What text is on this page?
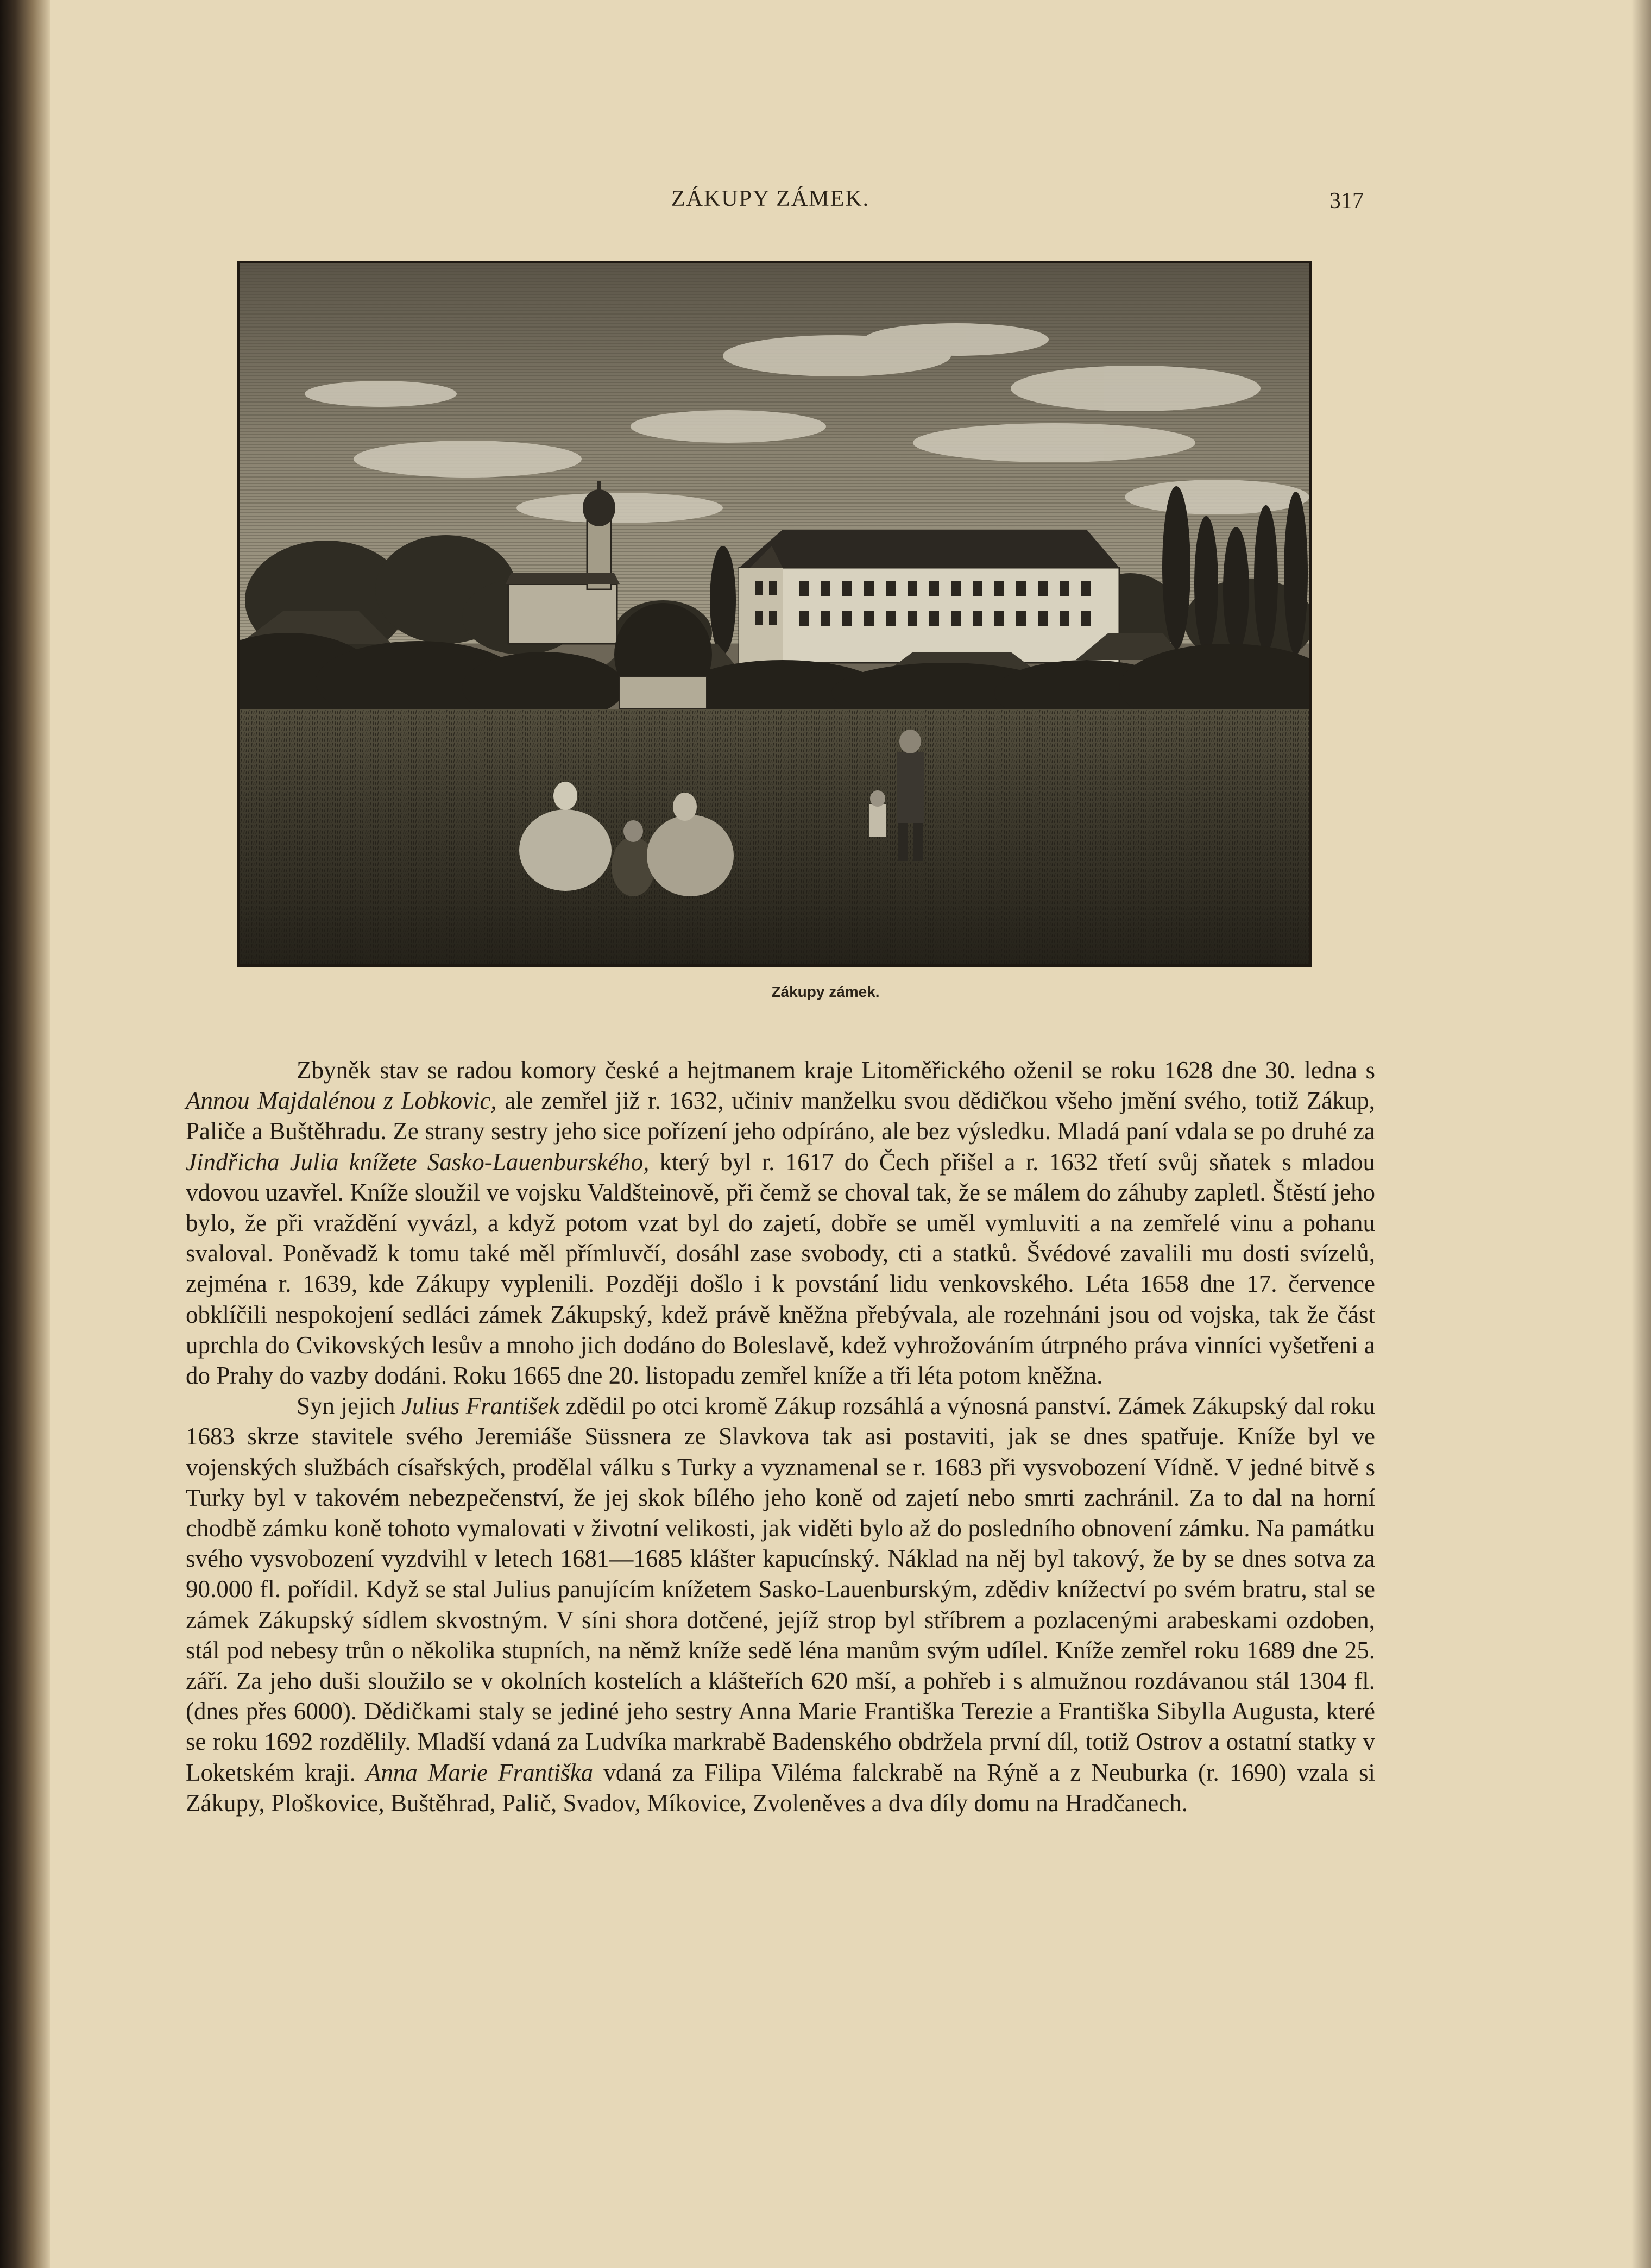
ZÁKUPY ZÁMEK.	317
Zákupy zámek.

Zbyněk stav se radou komory české a hejtmanem kraje Litoměřického oženil se roku 1628 dne 30. ledna s Annou Majdalénou z Lobkovic, ale zemřel již r. 1632, učiniv manželku svou dědičkou všeho jmění svého, totiž Zákup, Paliče a Buštěhradu. Ze strany sestry jeho sice pořízení jeho odpíráno, ale bez výsledku. Mladá paní vdala se po druhé za Jindřicha Julia knížete Sasko-Lauenburského, který byl r. 1617 do Čech přišel a r. 1632 třetí svůj sňatek s mladou vdovou uzavřel. Kníže sloužil ve vojsku Valdšteinově, při čemž se choval tak, že se málem do záhuby zapletl. Štěstí jeho bylo, že při vraždění vyvázl, a když potom vzat byl do zajetí, dobře se uměl vymluviti a na zemřelé vinu a pohanu svaloval. Poněvadž k tomu také měl přímluvčí, dosáhl zase svobody, cti a statků. Švédové zavalili mu dosti svízelů, zejména r. 1639, kde Zákupy vyplenili. Později došlo i k povstání lidu venkovského. Léta 1658 dne 17. července obklíčili nespokojení sedláci zámek Zákupský, kdež právě kněžna přebývala, ale rozehnáni jsou od vojska, tak že část uprchla do Cvikovských lesův a mnoho jich dodáno do Boleslavě, kdež vyhrožováním útrpného práva vinníci vyšetřeni a do Prahy do vazby dodáni. Roku 1665 dne 20. listopadu zemřel kníže a tři léta potom kněžna.

Syn jejich Julius František zdědil po otci kromě Zákup rozsáhlá a výnosná panství. Zámek Zákupský dal roku 1683 skrze stavitele svého Jeremiáše Süssnera ze Slavkova tak asi postaviti, jak se dnes spatřuje. Kníže byl ve vojenských službách císařských, prodělal válku s Turky a vyznamenal se r. 1683 při vysvobození Vídně. V jedné bitvě s Turky byl v takovém nebezpečenství, že jej skok bílého jeho koně od zajetí nebo smrti zachránil. Za to dal na horní chodbě zámku koně tohoto vymalovati v životní velikosti, jak viděti bylo až do posledního obnovení zámku. Na památku svého vysvobození vyzdvihl v letech 1681—1685 klášter kapucínský. Náklad na něj byl takový, že by se dnes sotva za 90.000 fl. pořídil. Když se stal Julius panujícím knížetem Sasko-Lauenburským, zdědiv knížectví po svém bratru, stal se zámek Zákupský sídlem skvostným. V síni shora dotčené, jejíž strop byl stříbrem a pozlacenými arabeskami ozdoben, stál pod nebesy trůn o několika stupních, na němž kníže sedě léna manům svým udílel. Kníže zemřel roku 1689 dne 25. září. Za jeho duši sloužilo se v okolních kostelích a klášteřích 620 mší, a pohřeb i s almužnou rozdávanou stál 1304 fl. (dnes přes 6000). Dědičkami staly se jediné jeho sestry Anna Marie Františka Terezie a Františka Sibylla Augusta, které se roku 1692 rozdělily. Mladší vdaná za Ludvíka markrabě Badenského obdržela první díl, totiž Ostrov a ostatní statky v Loketském kraji. Anna Marie Františka vdaná za Filipa Viléma falckrabě na Rýně a z Neuburka (r. 1690) vzala si Zákupy, Ploškovice, Buštěhrad, Palič, Svadov, Míkovice, Zvoleněves a dva díly domu na Hradčanech.
